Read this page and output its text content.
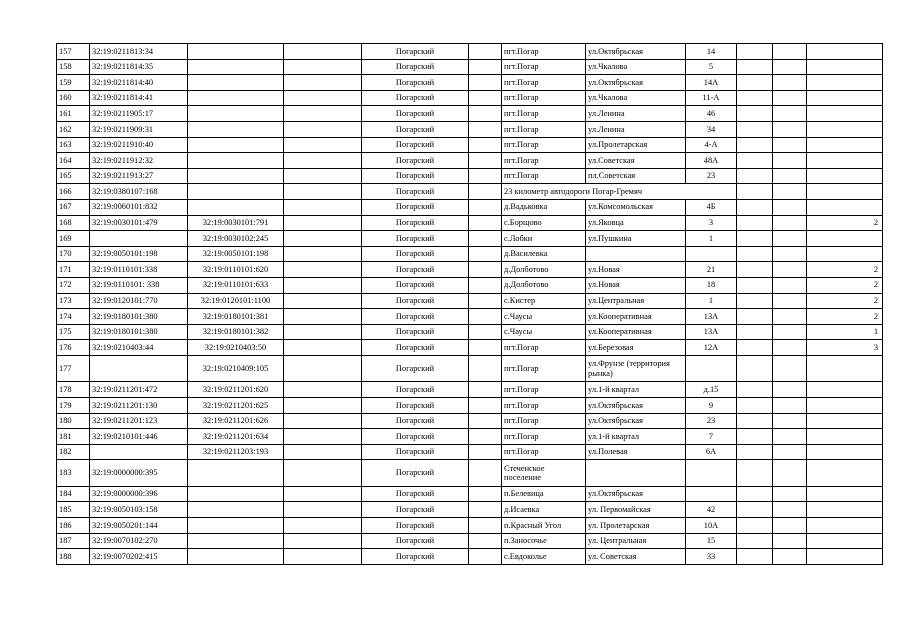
157	32:19:0211813:34			Погарский		пгт.Погар	ул.Октябрьская	14			
158	32:19:0211814:35			Погарский		пгт.Погар	ул.Чкалова	5			
159	32:19:0211814:40			Погарский		пгт.Погар	ул.Октябрьская	14А			
160	32:19:0211814:41			Погарский		пгт.Погар	ул.Чкалова	11-А			
161	32:19:0211905:17			Погарский		пгт.Погар	ул.Ленина	46			
162	32:19:0211909:31			Погарский		пгт.Погар	ул.Ленина	34			
163	32:19:0211910:40			Погарский		пгт.Погар	ул.Пролетарская	4-А			
164	32:19:0211912:32			Погарский		пгт.Погар	ул.Советская	48А			
165	32:19:0211913:27			Погарский		пгт.Погар	пл.Советская	23			
166	32:19:0380107:168			Погарский		23 километр автодороги Погар-Гремяч					
167	32:19:0060101:832			Погарский		д.Вадьковка	ул.Комсомольская	4Б			
168	32:19:0030101:479	32:19:0030101:791		Погарский		с.Борщово	ул.Яковца	3			2
169		32:19:0030102:245		Погарский		с.Лобки	ул.Пушкина	1			
170	32:19:0050101:198	32:19:0050101:198		Погарский		д.Василевка					
171	32:19:0110101:338	32:19:0110101:620		Погарский		д.Долботово	ул.Новая	21			2
172	32:19:0110101: 338	32:19:0110101:633		Погарский		д.Долботово	ул.Новая	18			2
173	32:19:0120101:770	32:19:0120101:1100		Погарский		с.Кистер	ул.Центральная	1			2
174	32:19:0180101:380	32:19:0180101:381		Погарский		с.Чаусы	ул.Кооперативная	13А			2
175	32:19:0180101:380	32:19:0180101:382		Погарский		с.Чаусы	ул.Кооперативная	13А			1
176	32:19:0210403:44	32:19:0210403:50		Погарский		пгт.Погар	ул.Березовая	12А			3
177		32:19:0210409:105		Погарский		пгт.Погар	ул.Фрунзе (территория рынка)				
178	32:19:0211201:472	32:19:0211201:620		Погарский		пгт.Погар	ул.1-й квартал	д.15			
179	32:19:0211201:130	32:19:0211201:625		Погарский		пгт.Погар	ул.Октябрьская	9			
180	32:19:0211201:123	32:19:0211201:626		Погарский		пгт.Погар	ул.Октябрьская	23			
181	32:19:0210101:446	32:19:0211201:634		Погарский		пгт.Погар	ул.1-й квартал	7			
182		32:19:0211203:193		Погарский		пгт.Погар	ул.Полевая	6А			
183	32:19:0000000:395			Погарский		Стеченское поселение					
184	32:19:0000000:396			Погарский		п.Белевица	ул.Октябрьская				
185	32:19:0050103:158			Погарский		д.Исаевка	ул. Первомайская	42			
186	32:19:0050201:144			Погарский		п.Красный Угол	ул. Пролетарская	10А			
187	32:19:0070102:270			Погарский		п.Заносочье	ул. Центральная	15			
188	32:19:0070202:415			Погарский		с.Евдоколье	ул. Советская	33			
